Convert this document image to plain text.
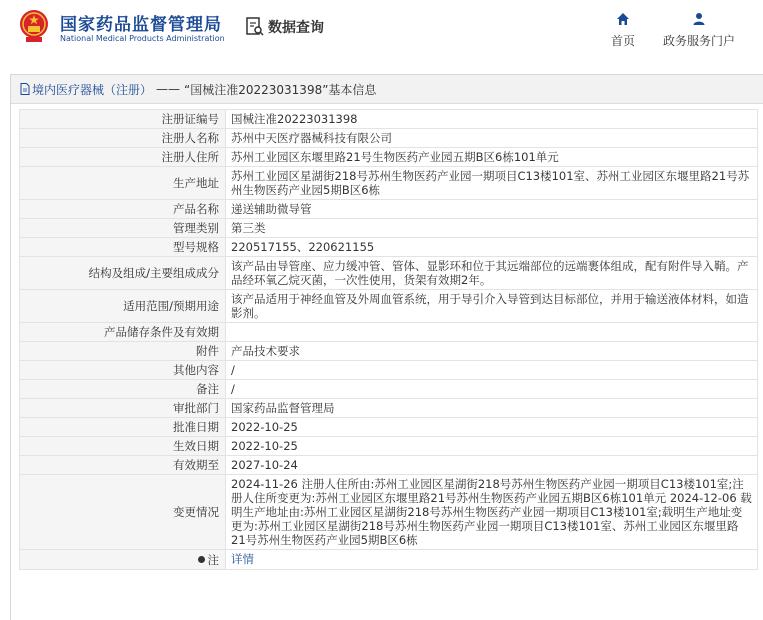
国家药品监督管理局
National Medical Products Administration
数据查询
首页	政务服务门户
境内医疗器械（注册） —— “国械注准20223031398”基本信息
注册证编号	国械注准20223031398
注册人名称	苏州中天医疗器械科技有限公司
注册人住所	苏州工业园区东堰里路21号生物医药产业园五期B区6栋101单元
生产地址	苏州工业园区星湖街218号苏州生物医药产业园一期项目C13楼101室、苏州工业园区东堰里路21号苏州生物医药产业园5期B区6栋
产品名称	递送辅助微导管
管理类别	第三类
型号规格	220517155、220621155
结构及组成/主要组成成分	该产品由导管座、应力缓冲管、管体、显影环和位于其远端部位的远端裹体组成，配有附件导入鞘。产品经环氧乙烷灭菌，一次性使用，货架有效期2年。
适用范围/预期用途	该产品适用于神经血管及外周血管系统，用于导引介入导管到达目标部位，并用于输送液体材料，如造影剂。
产品储存条件及有效期	
附件	产品技术要求
其他内容	/
备注	/
审批部门	国家药品监督管理局
批准日期	2022-10-25
生效日期	2022-10-25
有效期至	2027-10-24
变更情况	2024-11-26 注册人住所由:苏州工业园区星湖街218号苏州生物医药产业园一期项目C13楼101室;注册人住所变更为:苏州工业园区东堰里路21号苏州生物医药产业园五期B区6栋101单元 2024-12-06 载明生产地址由:苏州工业园区星湖街218号苏州生物医药产业园一期项目C13楼101室;载明生产地址变更为:苏州工业园区星湖街218号苏州生物医药产业园一期项目C13楼101室、苏州工业园区东堰里路21号苏州生物医药产业园5期B区6栋

注	详情
